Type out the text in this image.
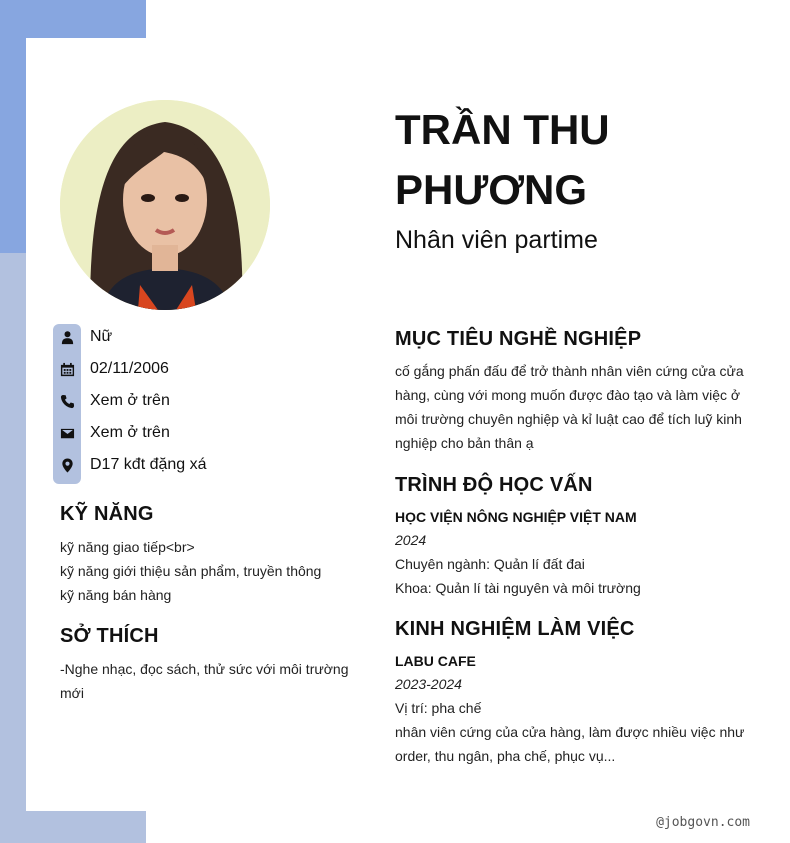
Nữ
02/11/2006
Xem ở trên
Xem ở trên
D17 kđt đặng xá
KỸ NĂNG
kỹ năng giao tiếp<br>
kỹ năng giới thiệu sản phẩm, truyền thông
kỹ năng bán hàng
SỞ THÍCH
-Nghe nhạc, đọc sách, thử sức với môi trường
mới
TRẦN THU
PHƯƠNG
Nhân viên partime
MỤC TIÊU NGHỀ NGHIỆP
cố gắng phấn đấu để trở thành nhân viên cứng cửa cửa
hàng, cùng với mong muốn được đào tạo và làm việc ở
môi trường chuyên nghiệp và kỉ luật cao để tích luỹ kinh
nghiệp cho bản thân ạ
TRÌNH ĐỘ HỌC VẤN
HỌC VIỆN NÔNG NGHIỆP VIỆT NAM
2024
Chuyên ngành: Quản lí đất đai
Khoa: Quản lí tài nguyên và môi trường
KINH NGHIỆM LÀM VIỆC
LABU CAFE
2023-2024
Vị trí: pha chế
nhân viên cứng của cửa hàng, làm được nhiều việc như
order, thu ngân, pha chế, phục vụ...
@jobgovn.com
